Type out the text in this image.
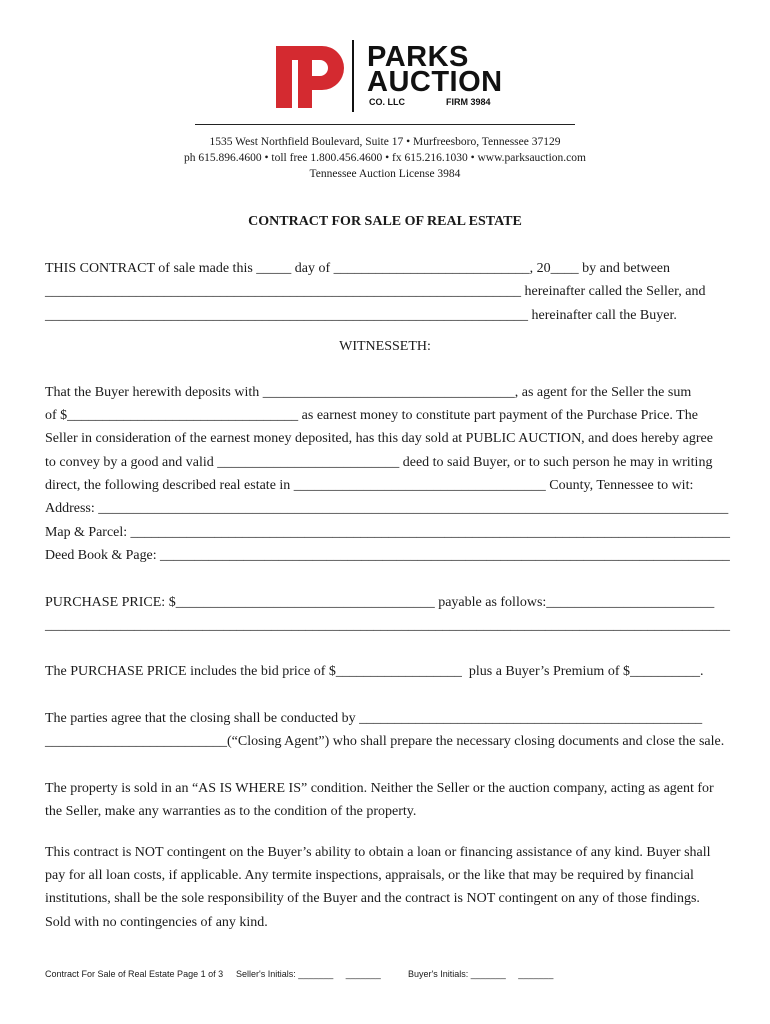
PARKS
AUCTION
CO. LLC	FIRM 3984
1535 West Northfield Boulevard, Suite 17 • Murfreesboro, Tennessee 37129
ph 615.896.4600 • toll free 1.800.456.4600 • fx 615.216.1030 • www.parksauction.com
Tennessee Auction License 3984
CONTRACT FOR SALE OF REAL ESTATE
THIS CONTRACT of sale made this _____ day of ____________________________, 20____ by and between
____________________________________________________________________ hereinafter called the Seller, and
_____________________________________________________________________ hereinafter call the Buyer.
WITNESSETH:
That the Buyer herewith deposits with ____________________________________, as agent for the Seller the sum
of $_________________________________ as earnest money to constitute part payment of the Purchase Price. The
Seller in consideration of the earnest money deposited, has this day sold at PUBLIC AUCTION, and does hereby agree
to convey by a good and valid __________________________ deed to said Buyer, or to such person he may in writing
direct, the following described real estate in ____________________________________ County, Tennessee to wit:
Address: __________________________________________________________________________________________
Map & Parcel: ______________________________________________________________________________________
Deed Book & Page: __________________________________________________________________________________
PURCHASE PRICE: $_____________________________________ payable as follows:________________________
____________________________________________________________________________________________________
The PURCHASE PRICE includes the bid price of $__________________  plus a Buyer’s Premium of $__________.
The parties agree that the closing shall be conducted by _________________________________________________
__________________________(“Closing Agent”) who shall prepare the necessary closing documents and close the sale.
The property is sold in an “AS IS WHERE IS” condition. Neither the Seller or the auction company, acting as agent for
the Seller, make any warranties as to the condition of the property.
This contract is NOT contingent on the Buyer’s ability to obtain a loan or financing assistance of any kind. Buyer shall
pay for all loan costs, if applicable. Any termite inspections, appraisals, or the like that may be required by financial
institutions, shall be the sole responsibility of the Buyer and the contract is NOT contingent on any of those findings.
Sold with no contingencies of any kind.
Contract For Sale of Real Estate Page 1 of 3 Seller's Initials: _______     _______	Buyer's Initials: _______     _______
